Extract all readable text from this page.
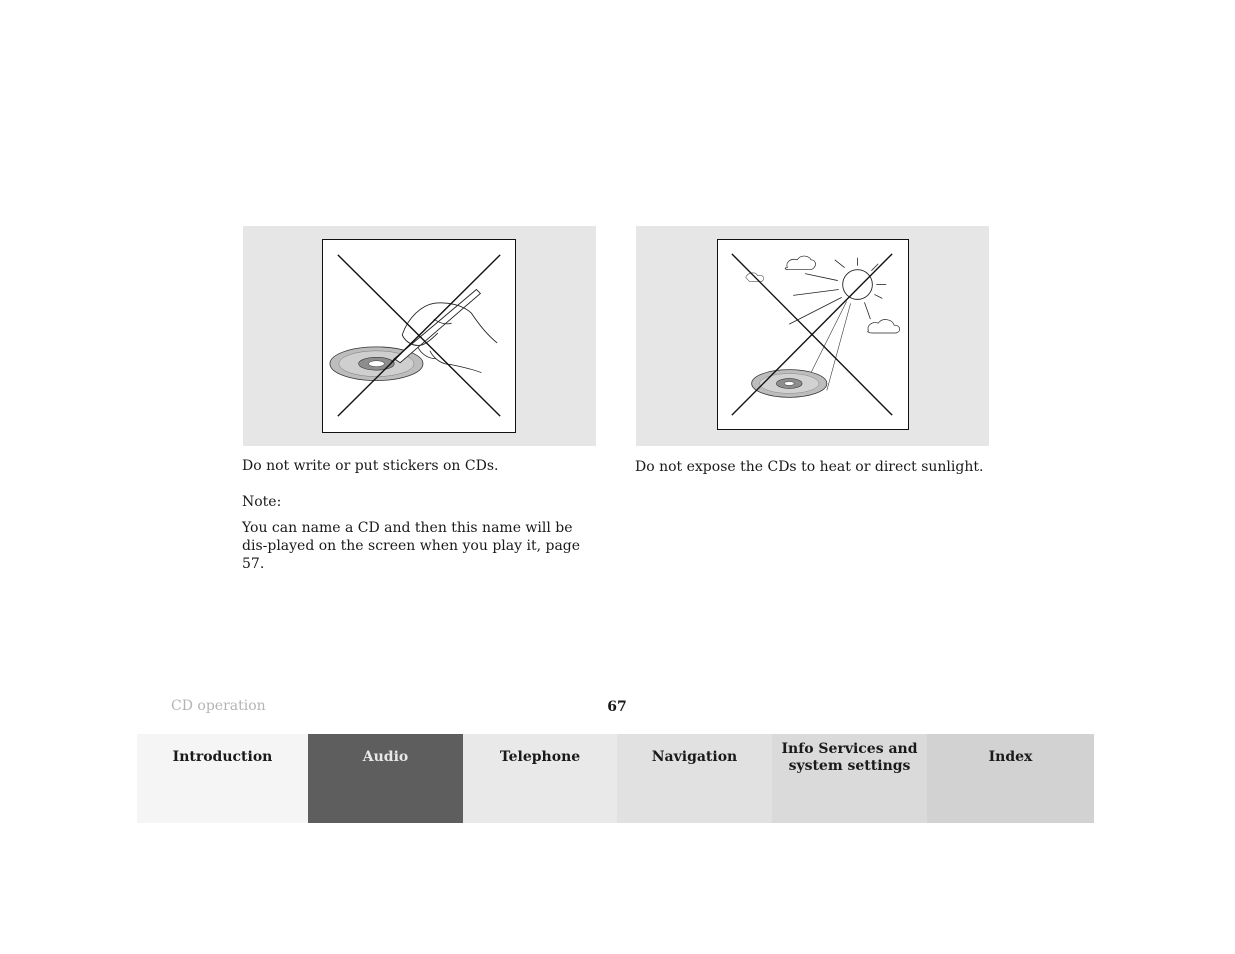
Do not write or put stickers on CDs.
Note:
You can name a CD and then this name will be dis-played on the screen when you play it, page 57.
Do not expose the CDs to heat or direct sunlight.
CD operation	67
Introduction	Audio	Telephone	Navigation	Info Services and
system settings
Index
